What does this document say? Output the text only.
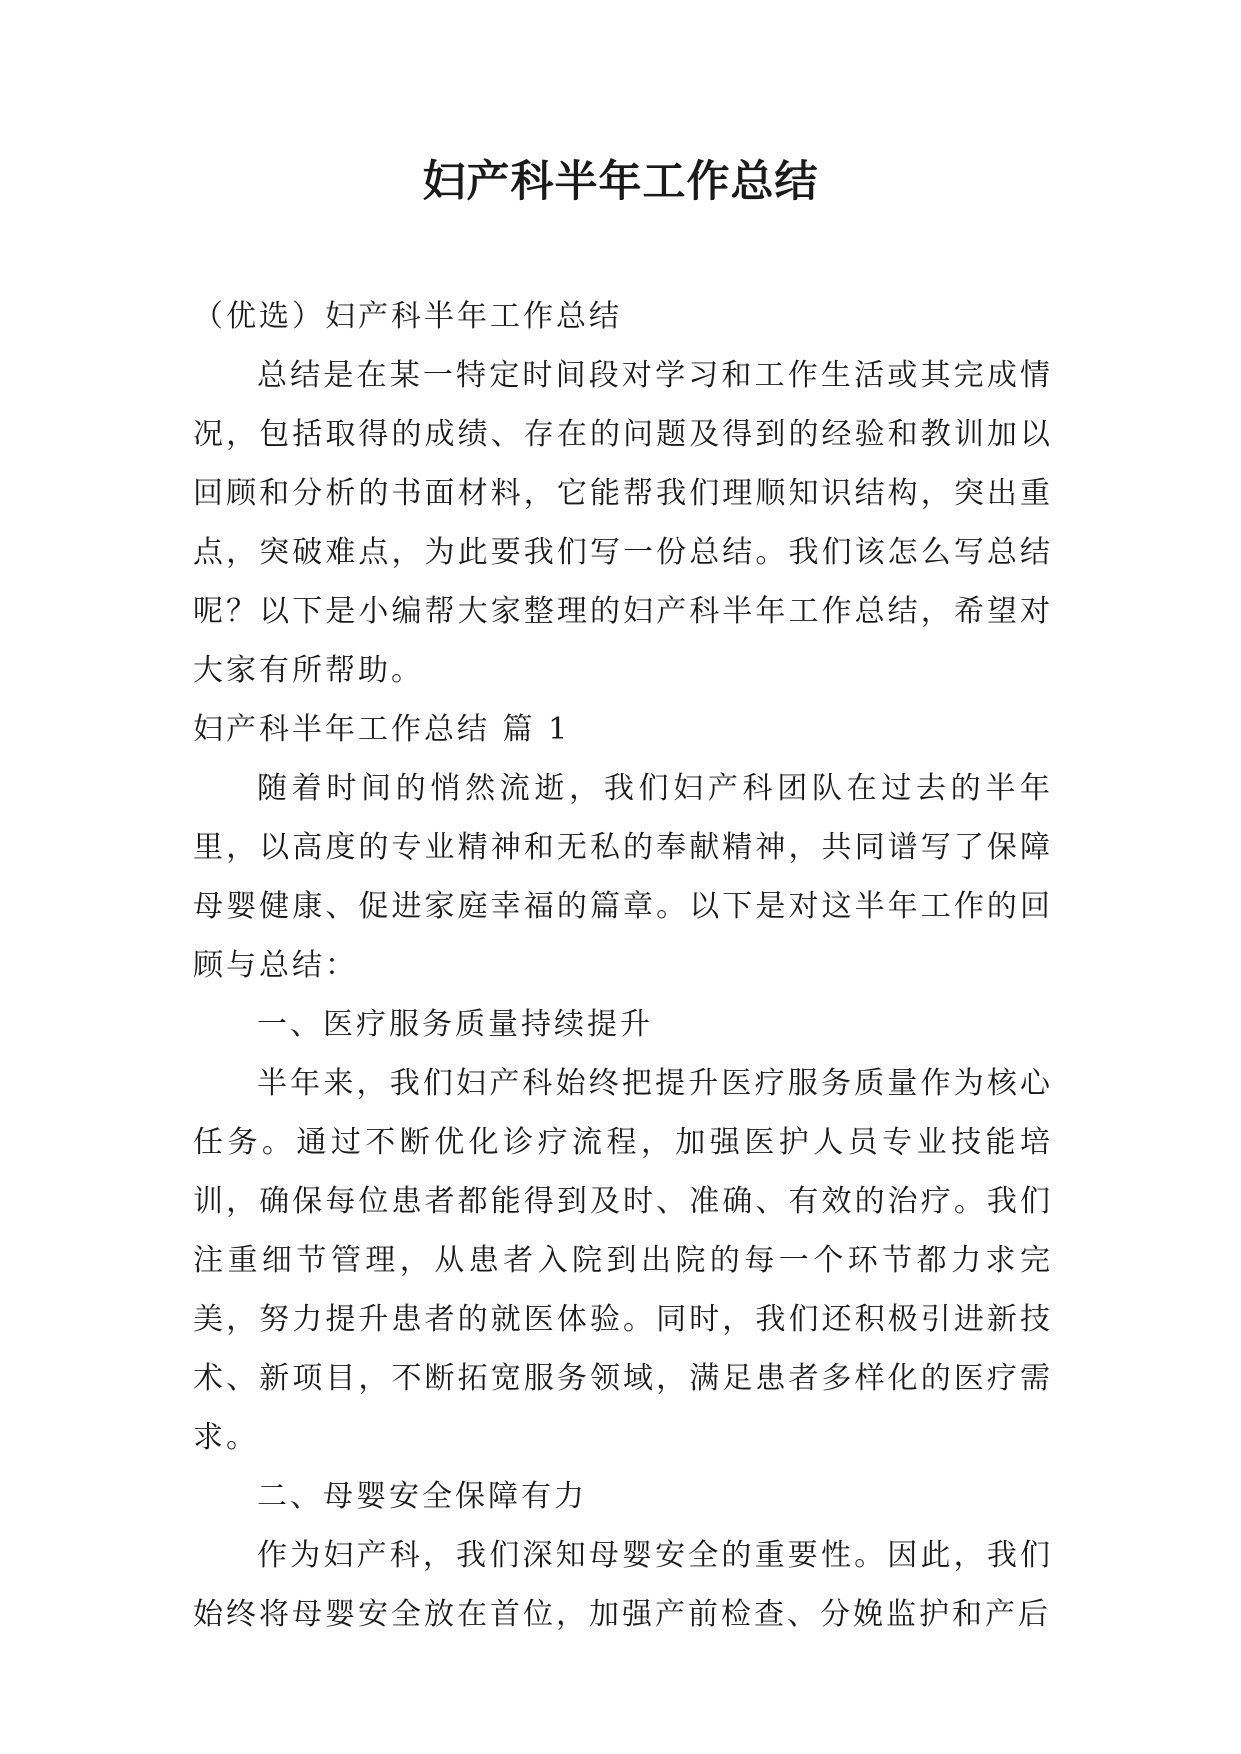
妇产科半年工作总结

（优选）妇产科半年工作总结

总结是在某一特定时间段对学习和工作生活或其完成情况，包括取得的成绩、存在的问题及得到的经验和教训加以回顾和分析的书面材料，它能帮我们理顺知识结构，突出重点，突破难点，为此要我们写一份总结。我们该怎么写总结呢？以下是小编帮大家整理的妇产科半年工作总结，希望对大家有所帮助。

妇产科半年工作总结 篇 1

随着时间的悄然流逝，我们妇产科团队在过去的半年里，以高度的专业精神和无私的奉献精神，共同谱写了保障母婴健康、促进家庭幸福的篇章。以下是对这半年工作的回顾与总结：

一、医疗服务质量持续提升

半年来，我们妇产科始终把提升医疗服务质量作为核心任务。通过不断优化诊疗流程，加强医护人员专业技能培训，确保每位患者都能得到及时、准确、有效的治疗。我们注重细节管理，从患者入院到出院的每一个环节都力求完美，努力提升患者的就医体验。同时，我们还积极引进新技术、新项目，不断拓宽服务领域，满足患者多样化的医疗需求。

二、母婴安全保障有力

作为妇产科，我们深知母婴安全的重要性。因此，我们始终将母婴安全放在首位，加强产前检查、分娩监护和产后
